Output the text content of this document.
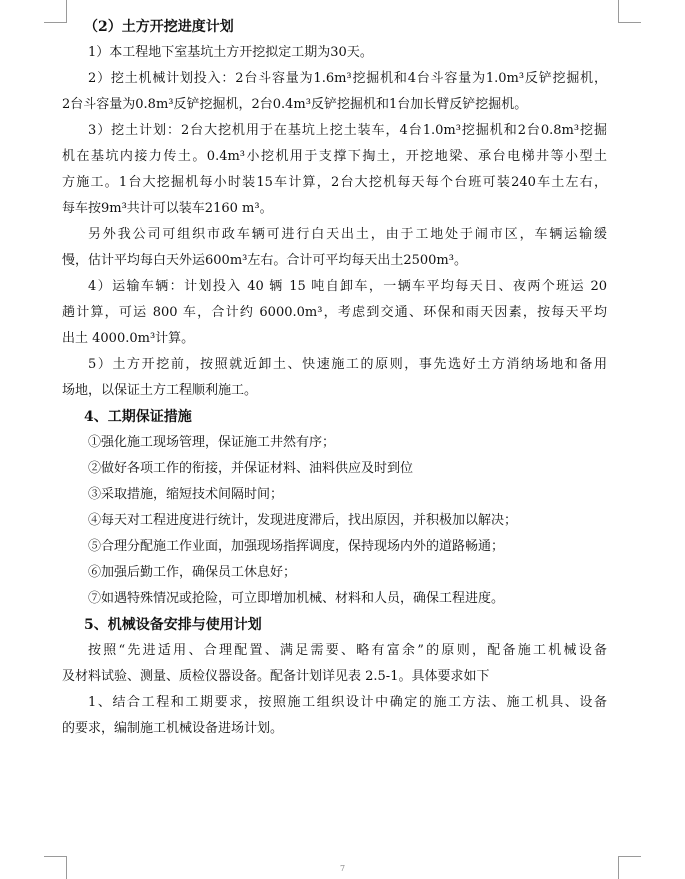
（2）土方开挖进度计划
1）本工程地下室基坑土方开挖拟定工期为30天。
2）挖土机械计划投入：2台斗容量为1.6m³挖掘机和4台斗容量为1.0m³反铲挖掘机，
2台斗容量为0.8m³反铲挖掘机，2台0.4m³反铲挖掘机和1台加长臂反铲挖掘机。
3）挖土计划：2台大挖机用于在基坑上挖土装车，4台1.0m³挖掘机和2台0.8m³挖掘
机在基坑内接力传土。0.4m³小挖机用于支撑下掏土，开挖地梁、承台电梯井等小型土
方施工。1台大挖掘机每小时装15车计算，2台大挖机每天每个台班可装240车土左右，
每车按9m³共计可以装车2160 m³。
另外我公司可组织市政车辆可进行白天出土，由于工地处于闹市区，车辆运输缓
慢，估计平均每白天外运600m³左右。合计可平均每天出土2500m³。
4）运输车辆：计划投入 40 辆 15 吨自卸车，一辆车平均每天日、夜两个班运 20
趟计算，可运 800 车，合计约 6000.0m³，考虑到交通、环保和雨天因素，按每天平均
出土 4000.0m³计算。
5）土方开挖前，按照就近卸土、快速施工的原则，事先选好土方消纳场地和备用
场地，以保证土方工程顺利施工。
4、工期保证措施
①强化施工现场管理，保证施工井然有序；
②做好各项工作的衔接，并保证材料、油料供应及时到位
③采取措施，缩短技术间隔时间；
④每天对工程进度进行统计，发现进度滞后，找出原因，并积极加以解决；
⑤合理分配施工作业面，加强现场指挥调度，保持现场内外的道路畅通；
⑥加强后勤工作，确保员工休息好；
⑦如遇特殊情况或抢险，可立即增加机械、材料和人员，确保工程进度。
5、机械设备安排与使用计划
按照“先进适用、合理配置、满足需要、略有富余”的原则，配备施工机械设备
及材料试验、测量、质检仪器设备。配备计划详见表 2.5-1。具体要求如下
1、结合工程和工期要求，按照施工组织设计中确定的施工方法、施工机具、设备
的要求，编制施工机械设备进场计划。
7
